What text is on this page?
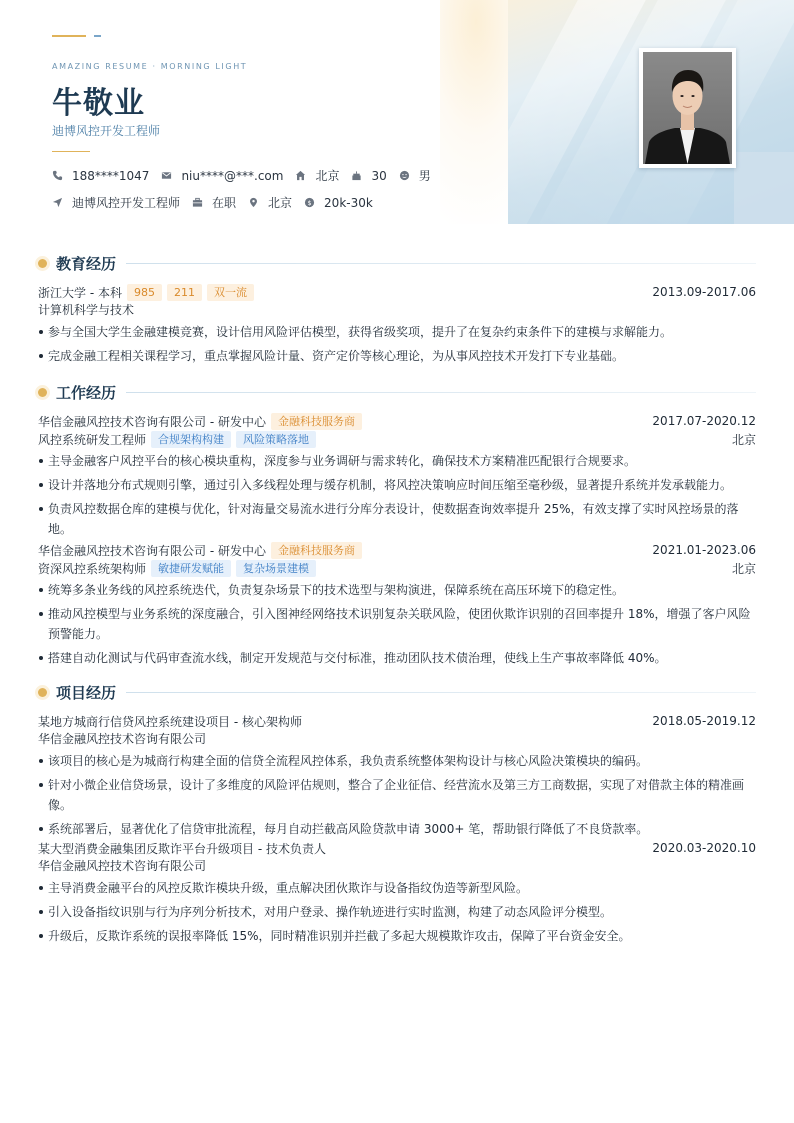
AMAZING RESUME · MORNING LIGHT
牛敬业
迪博风控开发工程师
188****1047	niu****@***.com	北京	30	男
迪博风控开发工程师	在职	北京 $ 20k-30k
教育经历
浙江大学 - 本科	985	211	双一流	2013.09-2017.06
计算机科学与技术
参与全国大学生金融建模竞赛，设计信用风险评估模型，获得省级奖项，提升了在复杂约束条件下的建模与求解能力。
完成金融工程相关课程学习，重点掌握风险计量、资产定价等核心理论，为从事风控技术开发打下专业基础。
工作经历
华信金融风控技术咨询有限公司 - 研发中心	金融科技服务商	2017.07-2020.12
风控系统研发工程师	合规架构构建	风险策略落地	北京
主导金融客户风控平台的核心模块重构，深度参与业务调研与需求转化，确保技术方案精准匹配银行合规要求。
设计并落地分布式规则引擎，通过引入多线程处理与缓存机制，将风控决策响应时间压缩至毫秒级，显著提升系统并发承载能力。
负责风控数据仓库的建模与优化，针对海量交易流水进行分库分表设计，使数据查询效率提升 25%，有效支撑了实时风控场景的落地。
华信金融风控技术咨询有限公司 - 研发中心	金融科技服务商	2021.01-2023.06
资深风控系统架构师	敏捷研发赋能	复杂场景建模	北京
统筹多条业务线的风控系统迭代，负责复杂场景下的技术选型与架构演进，保障系统在高压环境下的稳定性。
推动风控模型与业务系统的深度融合，引入图神经网络技术识别复杂关联风险，使团伙欺诈识别的召回率提升 18%，增强了客户风险预警能力。
搭建自动化测试与代码审查流水线，制定开发规范与交付标准，推动团队技术债治理，使线上生产事故率降低 40%。
项目经历
某地方城商行信贷风控系统建设项目 - 核心架构师	2018.05-2019.12
华信金融风控技术咨询有限公司
该项目的核心是为城商行构建全面的信贷全流程风控体系，我负责系统整体架构设计与核心风险决策模块的编码。
针对小微企业信贷场景，设计了多维度的风险评估规则，整合了企业征信、经营流水及第三方工商数据，实现了对借款主体的精准画像。
系统部署后，显著优化了信贷审批流程，每月自动拦截高风险贷款申请 3000+ 笔，帮助银行降低了不良贷款率。
某大型消费金融集团反欺诈平台升级项目 - 技术负责人	2020.03-2020.10
华信金融风控技术咨询有限公司
主导消费金融平台的风控反欺诈模块升级，重点解决团伙欺诈与设备指纹伪造等新型风险。
引入设备指纹识别与行为序列分析技术，对用户登录、操作轨迹进行实时监测，构建了动态风险评分模型。
升级后，反欺诈系统的误报率降低 15%，同时精准识别并拦截了多起大规模欺诈攻击，保障了平台资金安全。
